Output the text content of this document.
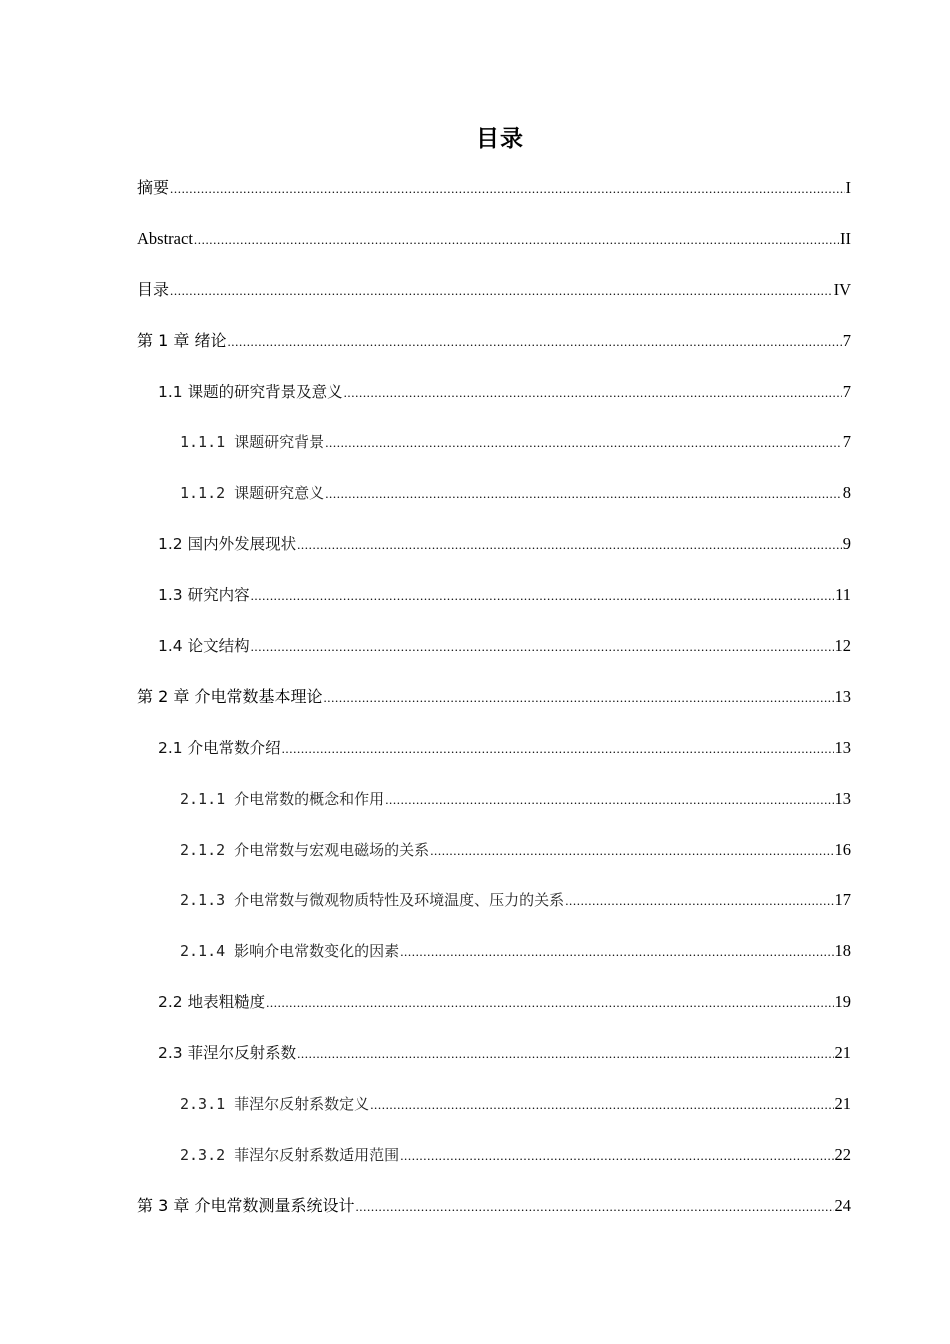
目录
摘要 .....	I
Abstract .....	II
目录 .....	IV
第 1 章 绪论 .....	7
1.1 课题的研究背景及意义 .....	7
1.1.1 课题研究背景 .....	7
1.1.2 课题研究意义 .....	8
1.2 国内外发展现状 .....	9
1.3 研究内容 .....	11
1.4 论文结构 .....	12
第 2 章 介电常数基本理论 .....	13
2.1 介电常数介绍 .....	13
2.1.1 介电常数的概念和作用 .....	13
2.1.2 介电常数与宏观电磁场的关系 .....	16
2.1.3 介电常数与微观物质特性及环境温度、压力的关系 .....	17
2.1.4 影响介电常数变化的因素 .....	18
2.2 地表粗糙度 .....	19
2.3 菲涅尔反射系数 .....	21
2.3.1 菲涅尔反射系数定义 .....	21
2.3.2 菲涅尔反射系数适用范围 .....	22
第 3 章 介电常数测量系统设计 .....	24
